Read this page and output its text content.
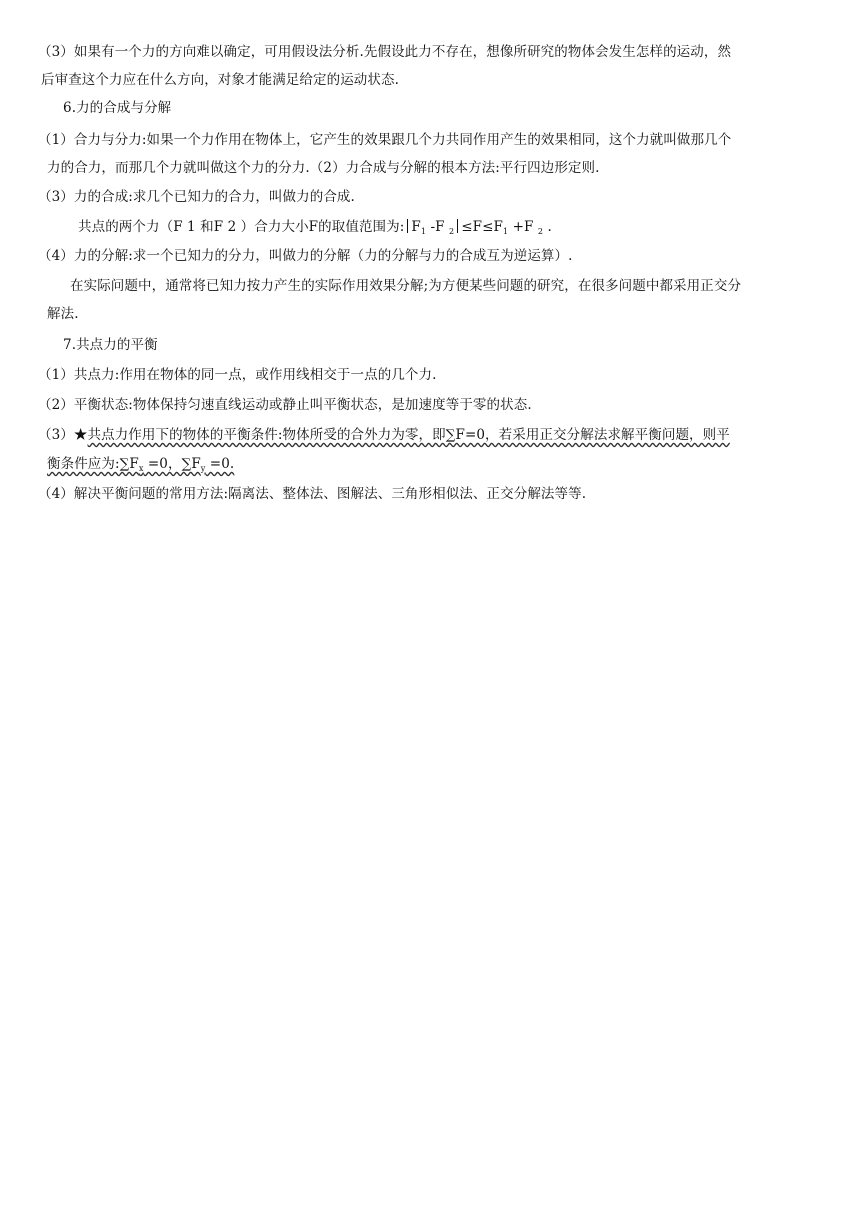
（3）如果有一个力的方向难以确定，可用假设法分析.先假设此力不存在，想像所研究的物体会发生怎样的运动，然
后审查这个力应在什么方向，对象才能满足给定的运动状态.
6.力的合成与分解
（1）合力与分力:如果一个力作用在物体上，它产生的效果跟几个力共同作用产生的效果相同，这个力就叫做那几个
力的合力，而那几个力就叫做这个力的分力.（2）力合成与分解的根本方法:平行四边形定则.
（3）力的合成:求几个已知力的合力，叫做力的合成.
共点的两个力（F 1 和F 2 ）合力大小F的取值范围为: $F_1$ -F $_2 \le F\le F_1 +F$ $_2$ .
（4）力的分解:求一个已知力的分力，叫做力的分解（力的分解与力的合成互为逆运算）.
在实际问题中，通常将已知力按力产生的实际作用效果分解;为方便某些问题的研究，在很多问题中都采用正交分
解法.
7.共点力的平衡
（1）共点力:作用在物体的同一点，或作用线相交于一点的几个力.
（2）平衡状态:物体保持匀速直线运动或静止叫平衡状态，是加速度等于零的状态.
（3）★共点力作用下的物体的平衡条件:物体所受的合外力为零，即∑F=0，若采用正交分解法求解平衡问题，则平
衡条件应为$:\sum F_x =0$，$\sum F_y =0$.
（4）解决平衡问题的常用方法:隔离法、整体法、图解法、三角形相似法、正交分解法等等.
